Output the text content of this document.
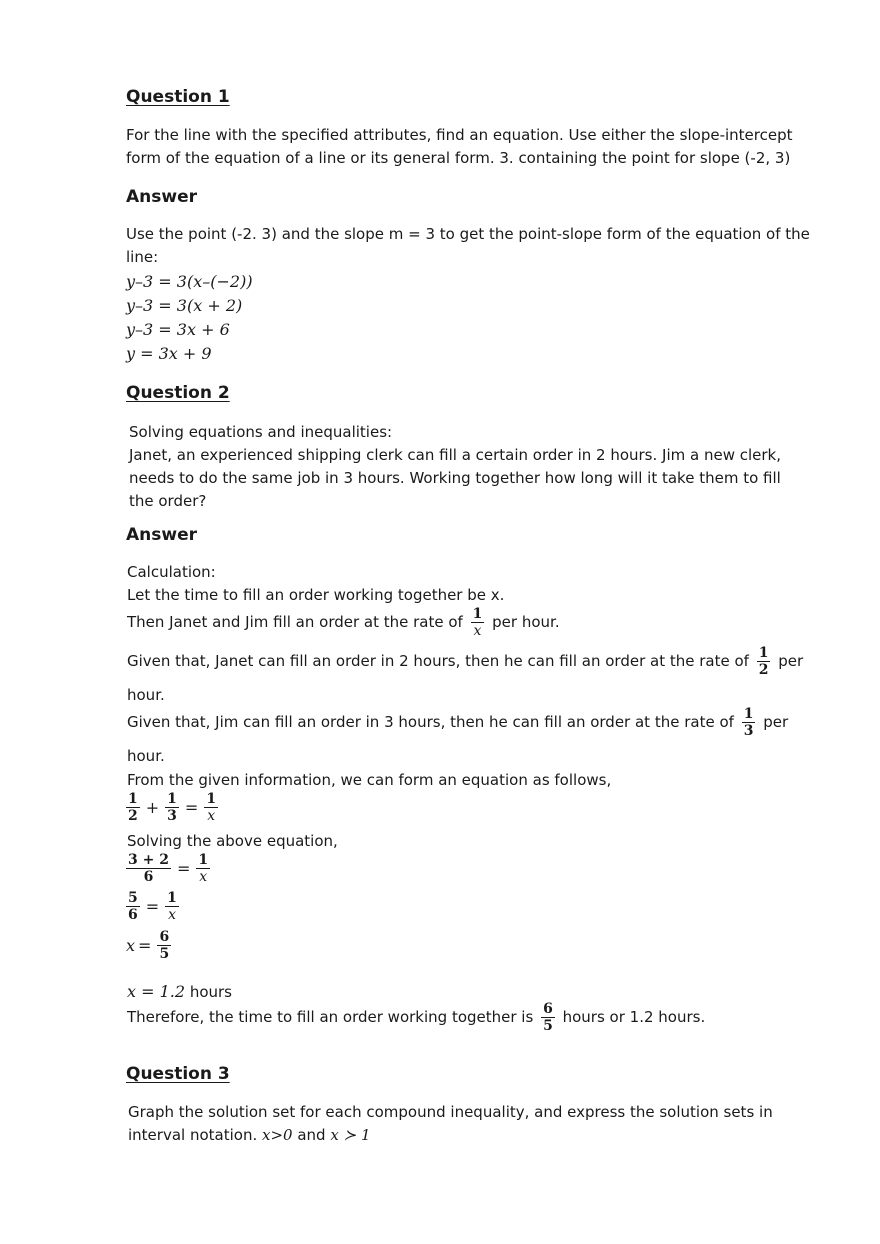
Question 1
For the line with the specified attributes, find an equation. Use either the slope-intercept form of the equation of a line or its general form. 3. containing the point for slope (-2, 3)
Answer
Use the point (-2. 3) and the slope m = 3 to get the point-slope form of the equation of the line:
y–3 = 3(x–(−2))
y–3 = 3(x + 2)
y–3 = 3x + 6
y = 3x + 9
Question 2
Solving equations and inequalities:
Janet, an experienced shipping clerk can fill a certain order in 2 hours. Jim a new clerk, needs to do the same job in 3 hours. Working together how long will it take them to fill the order?
Answer
Calculation:
Let the time to fill an order working together be x.
Then Janet and Jim fill an order at the rate of $\frac{1}{x}$ per hour.
Given that, Janet can fill an order in 2 hours, then he can fill an order at the rate of $\frac{1}{2}$ per
hour.
Given that, Jim can fill an order in 3 hours, then he can fill an order at the rate of $\frac{1}{3}$ per
hour.
From the given information, we can form an equation as follows,
$\frac{1}{2} + \frac{1}{3} = \frac{1}{x}$
Solving the above equation,
$\frac{3 + 2}{6} = \frac{1}{x}$
$\frac{5}{6} = \frac{1}{x}$
$x = \frac{6}{5}$
x = 1.2 hours
Therefore, the time to fill an order working together is $\frac{6}{5}$ hours or 1.2 hours.
Question 3
Graph the solution set for each compound inequality, and express the solution sets in interval notation. x>0 and x ≻ 1
